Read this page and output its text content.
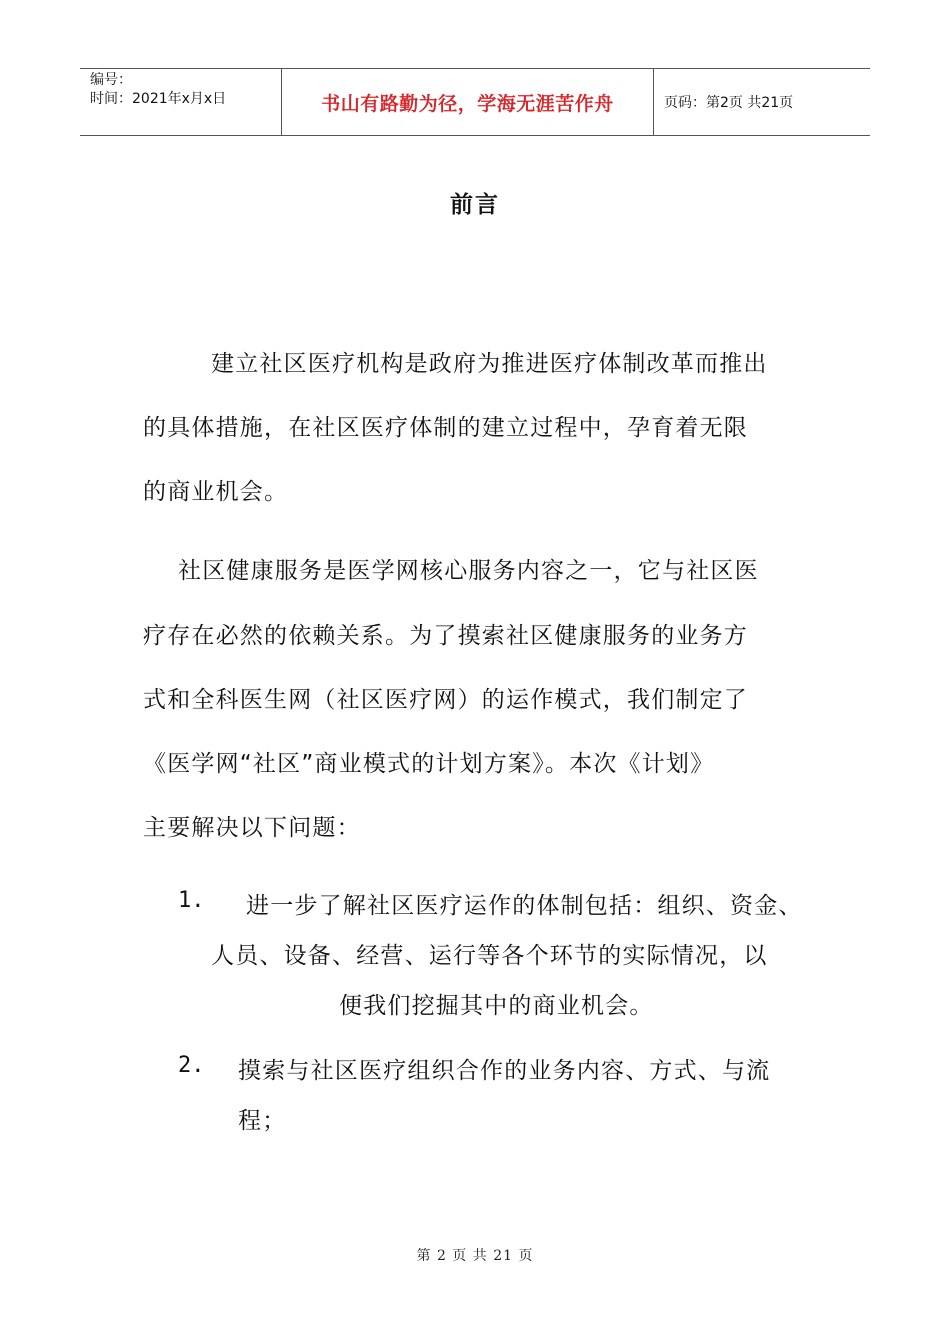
编号：
时间：2021年x月x日	书山有路勤为径，学海无涯苦作舟	页码：第2页 共21页
前言
建立社区医疗机构是政府为推进医疗体制改革而推出
的具体措施，在社区医疗体制的建立过程中，孕育着无限
的商业机会。
社区健康服务是医学网核心服务内容之一，它与社区医
疗存在必然的依赖关系。为了摸索社区健康服务的业务方
式和全科医生网（社区医疗网）的运作模式，我们制定了
《医学网“社区”商业模式的计划方案》。本次《计划》
主要解决以下问题：
1. 进一步了解社区医疗运作的体制包括：组织、资金、
人员、设备、经营、运行等各个环节的实际情况，以
便我们挖掘其中的商业机会。
2. 摸索与社区医疗组织合作的业务内容、方式、与流
程；
第 2 页 共 21 页
